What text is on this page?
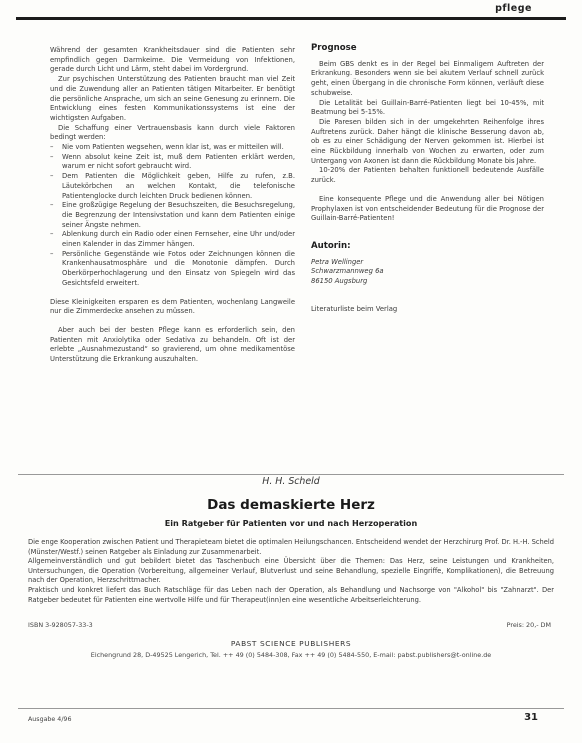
pflege

Während der gesamten Krankheitsdauer sind die Patienten sehr empfindlich gegen Darmkeime. Die Vermeidung von Infektionen, gerade durch Licht und Lärm, steht dabei im Vordergrund.

Zur psychischen Unterstützung des Patienten braucht man viel Zeit und die Zuwendung aller an Patienten tätigen Mitarbeiter. Er benötigt die persönliche Ansprache, um sich an seine Genesung zu erinnern. Die Entwicklung eines festen Kommunikationssystems ist eine der wichtigsten Aufgaben.

Die Schaffung einer Vertrauensbasis kann durch viele Faktoren bedingt werden:

– Nie vom Patienten wegsehen, wenn klar ist, was er mitteilen will.
– Wenn absolut keine Zeit ist, muß dem Patienten erklärt werden, warum er nicht sofort gebraucht wird.
– Dem Patienten die Möglichkeit geben, Hilfe zu rufen, z.B. Läutekörbchen an welchen Kontakt, die telefonische Patientenglocke durch leichten Druck bedienen können.
– Eine großzügige Regelung der Besuchszeiten, die Besuchsregelung, die Begrenzung der Intensivstation und kann dem Patienten einige seiner Ängste nehmen.
– Ablenkung durch ein Radio oder einen Fernseher, eine Uhr und/oder einen Kalender in das Zimmer hängen.
– Persönliche Gegenstände wie Fotos oder Zeichnungen können die Krankenhausatmosphäre und die Monotonie dämpfen. Durch Oberkörperhochlagerung und den Einsatz von Spiegeln wird das Gesichtsfeld erweitert.

Diese Kleinigkeiten ersparen es dem Patienten, wochenlang Langweile nur die Zimmerdecke ansehen zu müssen.

Aber auch bei der besten Pflege kann es erforderlich sein, den Patienten mit Anxiolytika oder Sedativa zu behandeln. Oft ist der erlebte „Ausnahmezustand“ so gravierend, um ohne medikamentöse Unterstützung die Erkrankung auszuhalten.

Prognose

Beim GBS denkt es in der Regel bei Einmaligem Auftreten der Erkrankung. Besonders wenn sie bei akutem Verlauf schnell zurück geht, einen Übergang in die chronische Form können, verläuft diese schubweise.

Die Letalität bei Guillain-Barré-Patienten liegt bei 10-45%, mit Beatmung bei 5-15%.

Die Paresen bilden sich in der umgekehrten Reihenfolge ihres Auftretens zurück. Daher hängt die klinische Besserung davon ab, ob es zu einer Schädigung der Nerven gekommen ist. Hierbei ist eine Rückbildung innerhalb von Wochen zu erwarten, oder zum Untergang von Axonen ist dann die Rückbildung Monate bis Jahre.

10-20% der Patienten behalten funktionell bedeutende Ausfälle zurück.

Eine konsequente Pflege und die Anwendung aller bei Nötigen Prophylaxen ist von entscheidender Bedeutung für die Prognose der Guillain-Barré-Patienten!

Autorin:
Petra Wellinger
Schwarzmannweg 6a
86150 Augsburg

Literaturliste beim Verlag

H. H. Scheld
Das demaskierte Herz
Ein Ratgeber für Patienten vor und nach Herzoperation

Die enge Kooperation zwischen Patient und Therapieteam bietet die optimalen Heilungschancen. Entscheidend wendet der Herzchirurg Prof. Dr. H.-H. Scheld (Münster/Westf.) seinen Ratgeber als Einladung zur Zusammenarbeit.

Allgemeinverständlich und gut bebildert bietet das Taschenbuch eine Übersicht über die Themen: Das Herz, seine Leistungen und Krankheiten, Untersuchungen, die Operation (Vorbereitung, allgemeiner Verlauf, Blutverlust und seine Behandlung, spezielle Eingriffe, Komplikationen), die Betreuung nach der Operation, Herzschrittmacher.

Praktisch und konkret liefert das Buch Ratschläge für das Leben nach der Operation, als Behandlung und Nachsorge von "Alkohol" bis "Zahnarzt". Der Ratgeber bedeutet für Patienten eine wertvolle Hilfe und für Therapeut(inn)en eine wesentliche Arbeitserleichterung.

ISBN 3-928057-33-3	Preis: 20,- DM
PABST SCIENCE PUBLISHERS
Eichengrund 28, D-49525 Lengerich, Tel. ++ 49 (0) 5484-308, Fax ++ 49 (0) 5484-550, E-mail: pabst.publishers@t-online.de
Ausgabe 4/96	31
